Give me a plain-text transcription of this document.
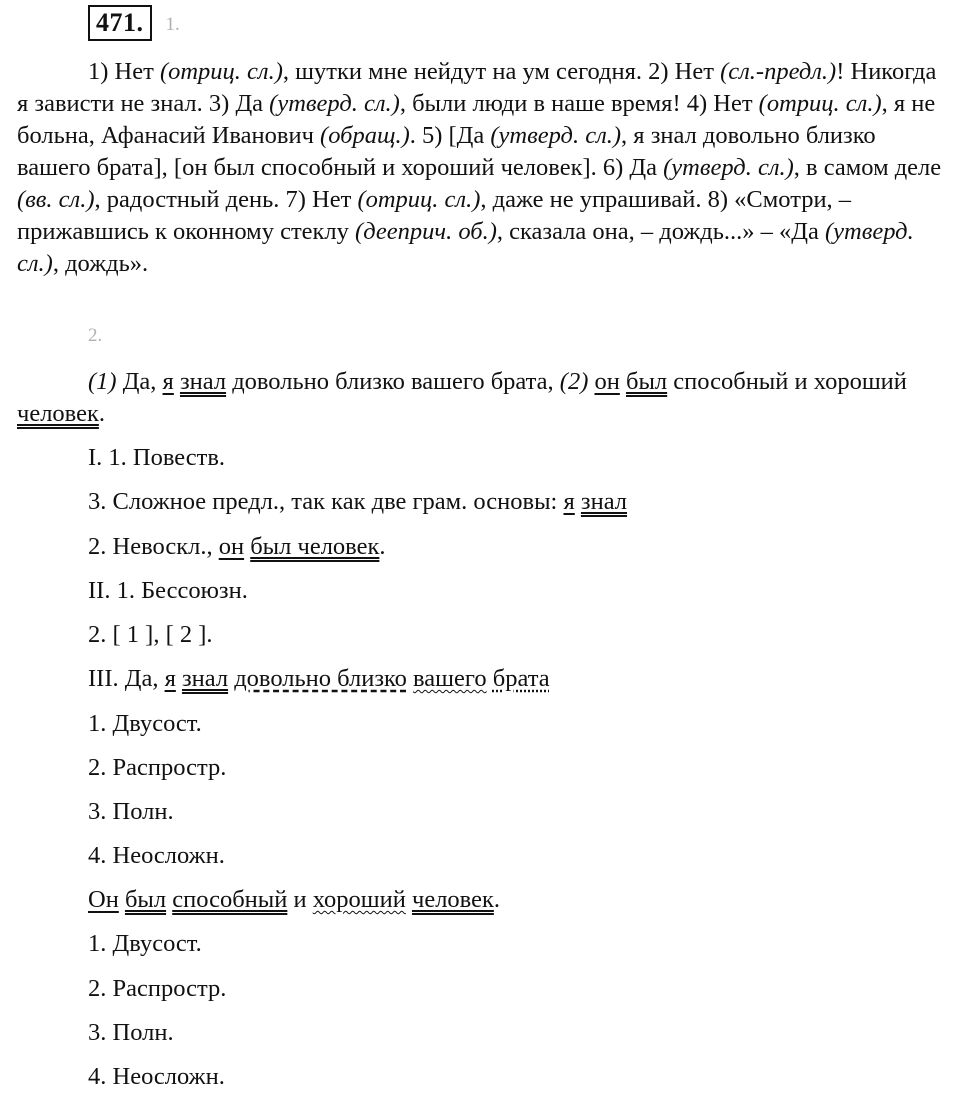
471.	1.

1) Нет (отриц. сл.), шутки мне нейдут на ум сегодня. 2) Нет (сл.-предл.)! Никогда я зависти не знал. 3) Да (утверд. сл.), были люди в наше время! 4) Нет (отриц. сл.), я не больна, Афанасий Иванович (обращ.). 5) [Да (утверд. сл.), я знал довольно близко вашего брата], [он был способный и хороший человек]. 6) Да (утверд. сл.), в самом деле (вв. сл.), радостный день. 7) Нет (отриц. сл.), даже не упрашивай. 8) «Смотри, – прижавшись к оконному стеклу (дееприч. об.), сказала она, – дождь...» – «Да (утверд. сл.), дождь».

2.

(1) Да, я знал довольно близко вашего брата, (2) он был способный и хороший человек.

I. 1. Повеств.
3. Сложное предл., так как две грам. основы: я знал
2. Невоскл., он был человек.
II. 1. Бессоюзн.
2. [ 1 ], [ 2 ].
III. Да, я знал довольно близко вашего брата
1. Двусост.
2. Распростр.
3. Полн.
4. Неосложн.
Он был способный и хороший человек.
1. Двусост.
2. Распростр.
3. Полн.
4. Неосложн.
